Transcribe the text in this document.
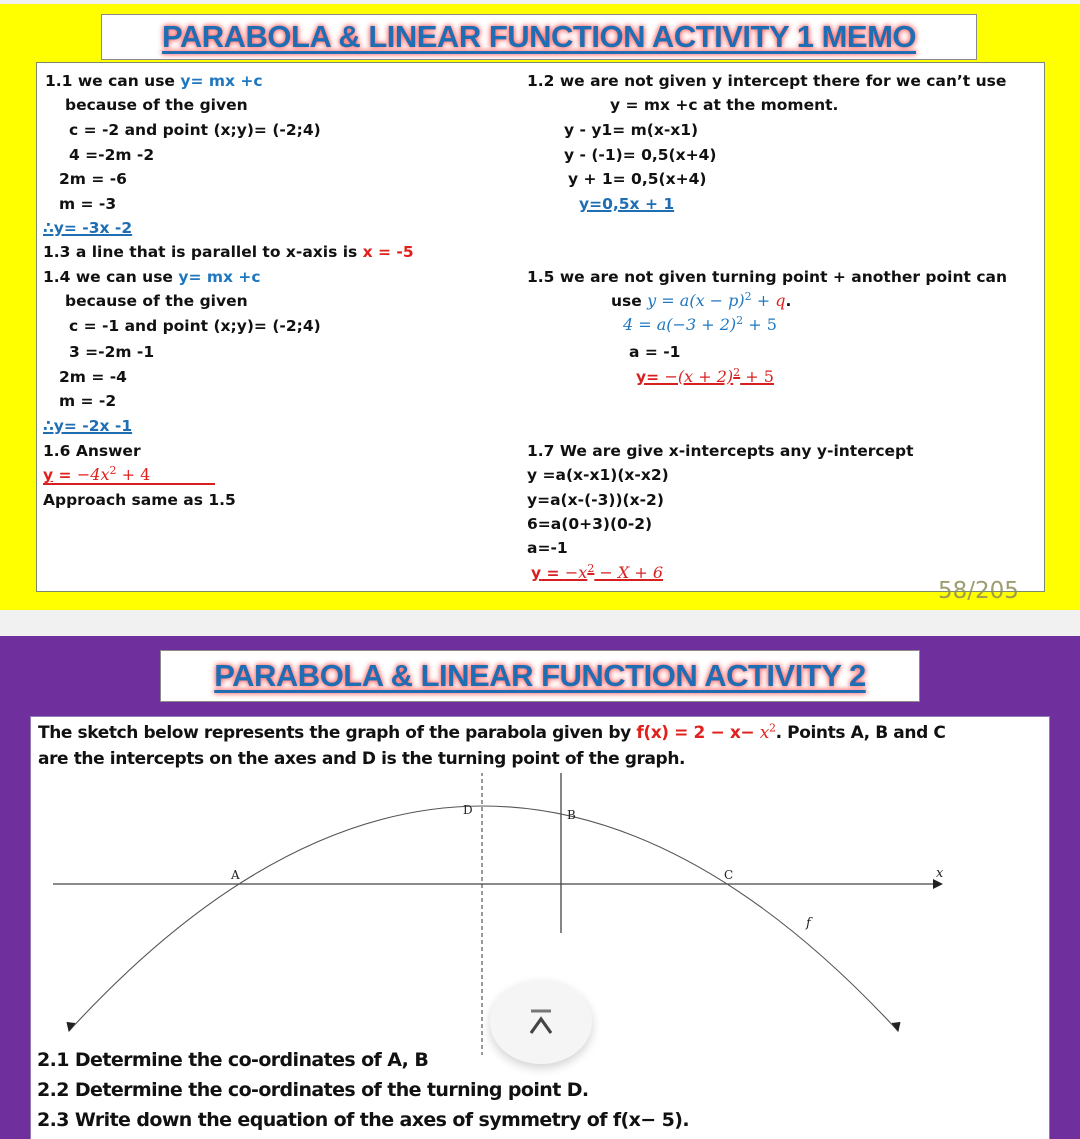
PARABOLA & LINEAR FUNCTION ACTIVITY 1 MEMO
1.1 we can use y= mx +c
because of the given
c = -2 and point (x;y)= (-2;4)
4 =-2m -2
2m = -6
m = -3
∴y= -3x -2
1.2 we are not given y intercept there for we can’t use
y = mx +c at the moment.
y - y1= m(x-x1)
y - (-1)= 0,5(x+4)
y + 1= 0,5(x+4)
y=0,5x + 1
1.3 a line that is parallel to x-axis is x = -5
1.4 we can use y= mx +c
because of the given
c = -1 and point (x;y)= (-2;4)
3 =-2m -1
2m = -4
m = -2
∴y= -2x -1
1.5 we are not given turning point + another point can
use $y = a(x - p)^2 + q$.
$4 = a(-3 + 2)^2 + 5$
a = -1
$y= -(x + 2)^2 + 5$
1.6 Answer
$y = -4x^2 + 4$
Approach same as 1.5
1.7 We are give x-intercepts any y-intercept
y =a(x-x1)(x-x2)
y=a(x-(-3))(x-2)
6=a(0+3)(0-2)
a=-1
$y = -x^2 - X + 6$
58/205
PARABOLA & LINEAR FUNCTION ACTIVITY 2
The sketch below represents the graph of the parabola given by $f(x) = 2 - x- x^2$. Points A, B and C
are the intercepts on the axes and D is the turning point of the graph.
x
A
B
C
D
f
2.1 Determine the co-ordinates of A, B
2.2 Determine the co-ordinates of the turning point D.
2.3 Write down the equation of the axes of symmetry of f(x− 5).
